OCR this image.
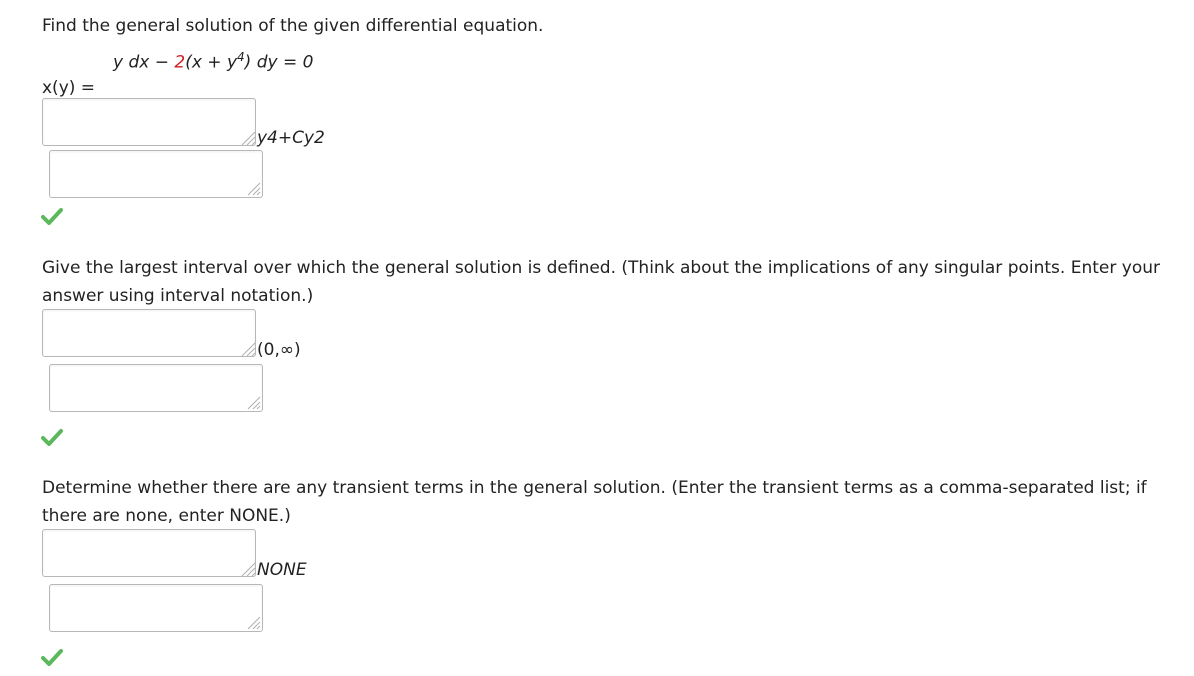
Find the general solution of the given differential equation.
y dx − $2(x + y^4)$ dy = 0
x(y) =
y4+Cy2
Give the largest interval over which the general solution is defined. (Think about the implications of any singular points. Enter your answer using interval notation.)
(0,∞)
Determine whether there are any transient terms in the general solution. (Enter the transient terms as a comma-separated list; if there are none, enter NONE.)
NONE
